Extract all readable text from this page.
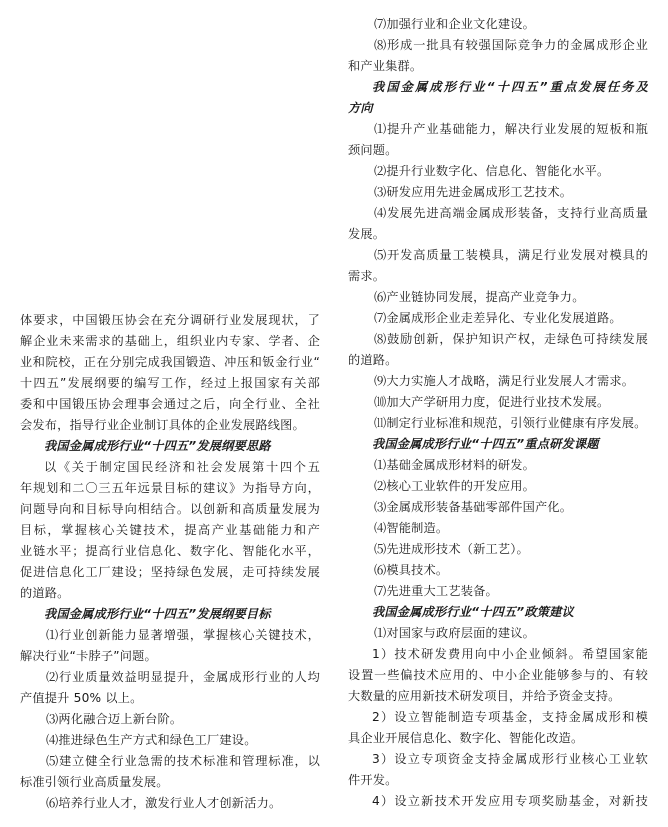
体要求，中国锻压协会在充分调研行业发展现状，了
解企业未来需求的基础上，组织业内专家、学者、企
业和院校，正在分别完成我国锻造、冲压和钣金行业“
十四五”发展纲要的编写工作，经过上报国家有关部
委和中国锻压协会理事会通过之后，向全行业、全社
会发布，指导行业企业制订具体的企业发展路线图。
我国金属成形行业“十四五”发展纲要思路
以《关于制定国民经济和社会发展第十四个五
年规划和二〇三五年远景目标的建议》为指导方向，
问题导向和目标导向相结合。以创新和高质量发展为
目标，掌握核心关键技术，提高产业基础能力和产
业链水平；提高行业信息化、数字化、智能化水平，
促进信息化工厂建设；坚持绿色发展，走可持续发展
的道路。
我国金属成形行业“十四五”发展纲要目标
⑴行业创新能力显著增强，掌握核心关键技术，
解决行业“卡脖子”问题。
⑵行业质量效益明显提升，金属成形行业的人均
产值提升 50% 以上。
⑶两化融合迈上新台阶。
⑷推进绿色生产方式和绿色工厂建设。
⑸建立健全行业急需的技术标准和管理标准，以
标准引领行业高质量发展。
⑹培养行业人才，激发行业人才创新活力。
⑺加强行业和企业文化建设。
⑻形成一批具有较强国际竞争力的金属成形企业
和产业集群。
我国金属成形行业“十四五”重点发展任务及
方向
⑴提升产业基础能力，解决行业发展的短板和瓶
颈问题。
⑵提升行业数字化、信息化、智能化水平。
⑶研发应用先进金属成形工艺技术。
⑷发展先进高端金属成形装备，支持行业高质量
发展。
⑸开发高质量工装模具，满足行业发展对模具的
需求。
⑹产业链协同发展，提高产业竞争力。
⑺金属成形企业走差异化、专业化发展道路。
⑻鼓励创新，保护知识产权，走绿色可持续发展
的道路。
⑼大力实施人才战略，满足行业发展人才需求。
⑽加大产学研用力度，促进行业技术发展。
⑾制定行业标准和规范，引领行业健康有序发展。
我国金属成形行业“十四五”重点研发课题
⑴基础金属成形材料的研发。
⑵核心工业软件的开发应用。
⑶金属成形装备基础零部件国产化。
⑷智能制造。
⑸先进成形技术（新工艺）。
⑹模具技术。
⑺先进重大工艺装备。
我国金属成形行业“十四五”政策建议
⑴对国家与政府层面的建议。
1）技术研发费用向中小企业倾斜。希望国家能
设置一些偏技术应用的、中小企业能够参与的、有较
大数量的应用新技术研发项目，并给予资金支持。
2）设立智能制造专项基金，支持金属成形和模
具企业开展信息化、数字化、智能化改造。
3）设立专项资金支持金属成形行业核心工业软
件开发。
4）设立新技术开发应用专项奖励基金，对新技
